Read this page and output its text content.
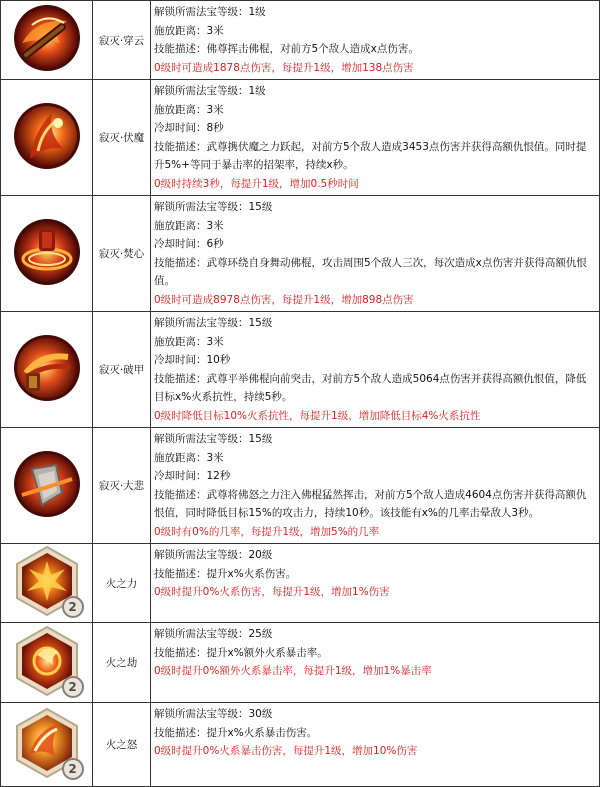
	寂灭·穿云	解锁所需法宝等级：1级
施放距离：3米
技能描述：佛尊挥击佛棍，对前方5个敌人造成x点伤害。
0级时可造成1878点伤害，每提升1级，增加138点伤害

	寂灭·伏魔	解锁所需法宝等级：1级
施放距离：3米
冷却时间：8秒
技能描述：武尊携伏魔之力跃起，对前方5个敌人造成3453点伤害并获得高额仇恨值。同时提升5%+等同于暴击率的招架率，持续x秒。
0级时持续3秒，每提升1级，增加0.5秒时间

	寂灭·焚心	解锁所需法宝等级：15级
施放距离：3米
冷却时间：6秒
技能描述：武尊环绕自身舞动佛棍，攻击周围5个敌人三次，每次造成x点伤害并获得高额仇恨值。
0级时可造成8978点伤害，每提升1级，增加898点伤害

	寂灭·破甲	解锁所需法宝等级：15级
施放距离：3米
冷却时间：10秒
技能描述：武尊平举佛棍向前突击，对前方5个敌人造成5064点伤害并获得高额仇恨值，降低目标x%火系抗性，持续5秒。
0级时降低目标10%火系抗性，每提升1级，增加降低目标4%火系抗性

	寂灭·大悲	解锁所需法宝等级：15级
施放距离：3米
冷却时间：12秒
技能描述：武尊将佛怒之力注入佛棍猛然挥击，对前方5个敌人造成4604点伤害并获得高额仇恨值，同时降低目标15%的攻击力，持续10秒。该技能有x%的几率击晕敌人3秒。
0级时有0%的几率，每提升1级，增加5%的几率

2	火之力	解锁所需法宝等级：20级
技能描述：提升x%火系伤害。
0级时提升0%火系伤害，每提升1级，增加1%伤害

2	火之劫	解锁所需法宝等级：25级
技能描述：提升x%额外火系暴击率。
0级时提升0%额外火系暴击率，每提升1级，增加1%暴击率

2	火之怒	解锁所需法宝等级：30级
技能描述：提升x%火系暴击伤害。
0级时提升0%火系暴击伤害，每提升1级，增加10%伤害
